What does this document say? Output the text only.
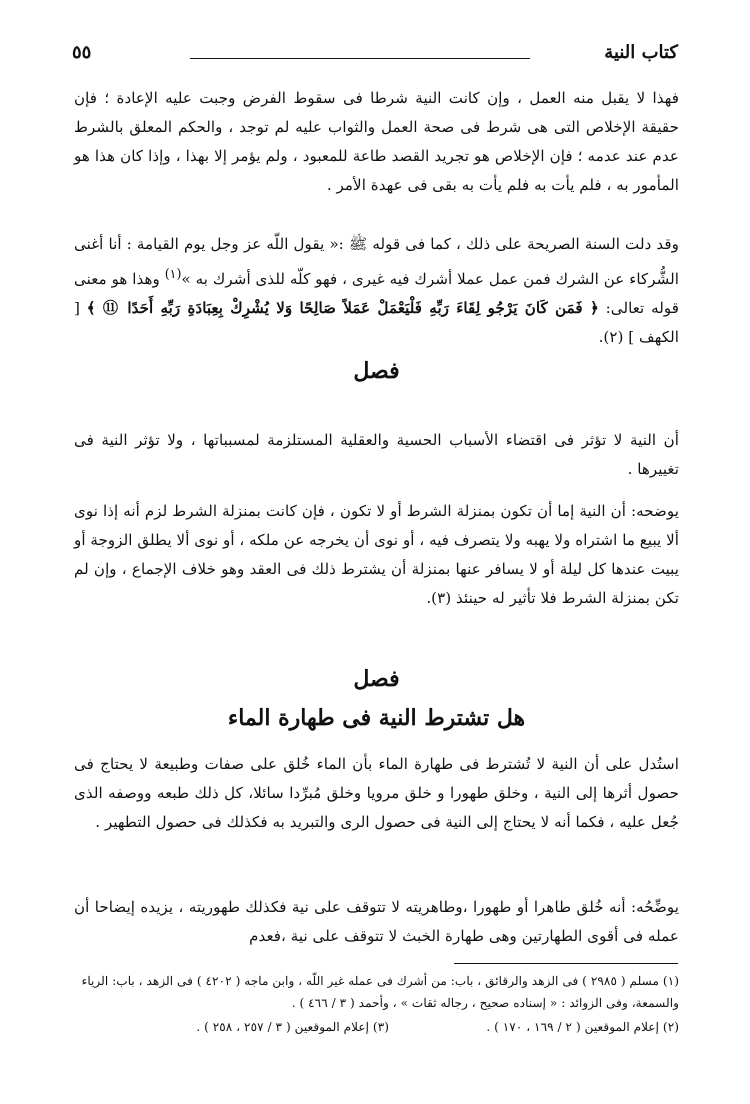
كتاب النية
٥٥

فهذا لا يقبل منه العمل ، وإن كانت النية شرطا فى سقوط الفرض وجبت عليه الإعادة ؛ فإن حقيقة الإخلاص التى هى شرط فى صحة العمل والثواب عليه لم توجد ، والحكم المعلق بالشرط عدم عند عدمه ؛ فإن الإخلاص هو تجريد القصد طاعة للمعبود ، ولم يؤمر إلا بهذا ، وإذا كان هذا هو المأمور به ، فلم يأت به فلم يأت به بقى فى عهدة الأمر .

وقد دلت السنة الصريحة على ذلك ، كما فى قوله ﷺ :« يقول اللّه عز وجل يوم القيامة : أنا أغنى الشُّركاء عن الشرك فمن عمل عملا أشرك فيه غيرى ، فهو كلّه للذى أشرك به »$^{(١)}$ وهذا هو معنى قوله تعالى: ﴿ فَمَن كَانَ يَرْجُو لِقَاءَ رَبِّهِ فَلْيَعْمَلْ عَمَلاً صَالِحًا وَلا يُشْرِكْ بِعِبَادَةِ رَبِّهِ أَحَدًا ⑪ ﴾ [ الكهف ] (٢).

فصل

أن النية لا تؤثر فى اقتضاء الأسباب الحسية والعقلية المستلزمة لمسبباتها ، ولا تؤثر النية فى تغييرها .

يوضحه: أن النية إما أن تكون بمنزلة الشرط أو لا تكون ، فإن كانت بمنزلة الشرط لزم أنه إذا نوى ألا يبيع ما اشتراه ولا يهبه ولا يتصرف فيه ، أو نوى أن يخرجه عن ملكه ، أو نوى ألا يطلق الزوجة أو يبيت عندها كل ليلة أو لا يسافر عنها بمنزلة أن يشترط ذلك فى العقد وهو خلاف الإجماع ، وإن لم تكن بمنزلة الشرط فلا تأثير له حينئذ (٣).

فصل
هل تشترط النية فى طهارة الماء

استُدل على أن النية لا تُشترط فى طهارة الماء بأن الماء خُلق على صفات وطبيعة لا يحتاج فى حصول أثرها إلى النية ، وخلق طهورا و خلق مرويا وخلق مُبرِّدا سائلا، كل ذلك طبعه ووصفه الذى جُعل عليه ، فكما أنه لا يحتاج إلى النية فى حصول الرى والتبريد به فكذلك فى حصول التطهير .

يوضِّحُه: أنه خُلق طاهرا أو طهورا ،وطاهريته لا تتوقف على نية فكذلك طهوريته ، يزيده إيضاحا أن عمله فى أقوى الطهارتين وهى طهارة الخبث لا تتوقف على نية ،فعدم

(١) مسلم ( ٢٩٨٥ ) فى الزهد والرقائق ، باب: من أشرك فى عمله غير اللّه ، وابن ماجه ( ٤٢٠٢ ) فى الزهد ، باب: الرياء والسمعة، وفى الزوائد : « إسناده صحيح ، رجاله ثقات » ، وأحمد ( ٣ / ٤٦٦ ) .

(٢) إعلام الموقعين ( ٢ / ١٦٩ ، ١٧٠ ) .
(٣) إعلام الموقعين ( ٣ / ٢٥٧ ، ٢٥٨ ) .
